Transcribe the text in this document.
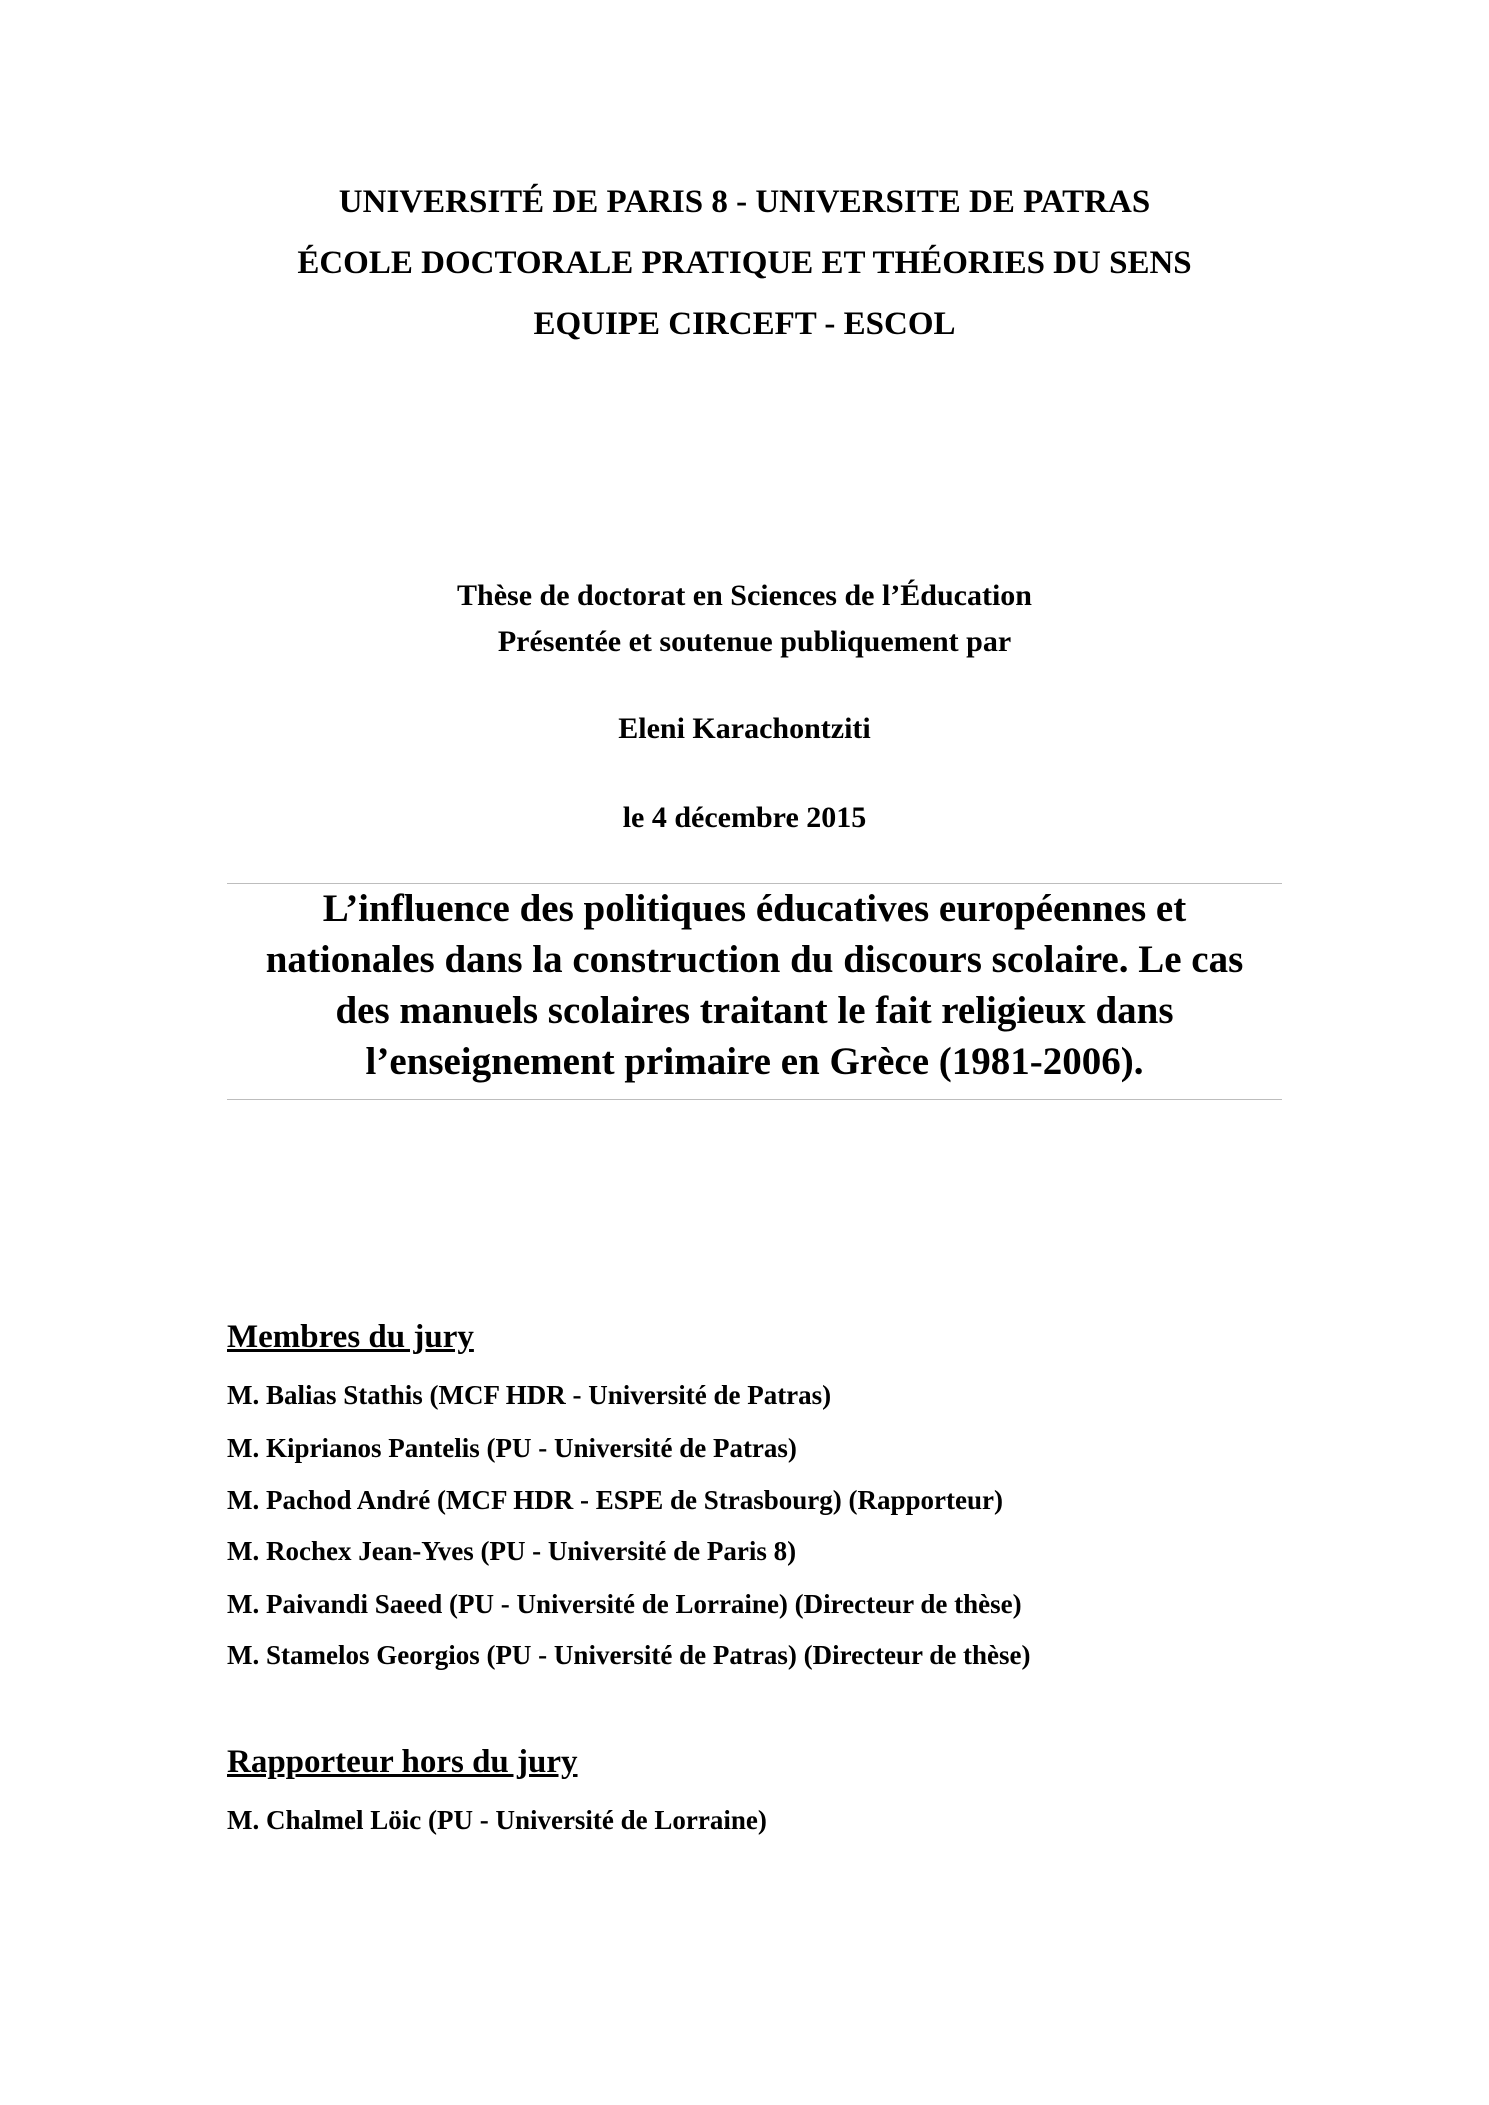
UNIVERSITÉ DE PARIS 8 - UNIVERSITE DE PATRAS
ÉCOLE DOCTORALE PRATIQUE ET THÉORIES DU SENS
EQUIPE CIRCEFT - ESCOL
Thèse de doctorat en Sciences de l’Éducation
Présentée et soutenue publiquement par
Eleni Karachontziti
le 4 décembre 2015
L’influence des politiques éducatives européennes et
nationales dans la construction du discours scolaire. Le cas
des manuels scolaires traitant le fait religieux dans
l’enseignement primaire en Grèce (1981-2006).
Membres du jury
M. Balias Stathis (MCF HDR - Université de Patras)
M. Kiprianos Pantelis (PU - Université de Patras)
M. Pachod André (MCF HDR - ESPE de Strasbourg) (Rapporteur)
M. Rochex Jean-Yves (PU - Université de Paris 8)
M. Paivandi Saeed (PU - Université de Lorraine) (Directeur de thèse)
M. Stamelos Georgios (PU - Université de Patras) (Directeur de thèse)
Rapporteur hors du jury
M. Chalmel Löic (PU - Université de Lorraine)
